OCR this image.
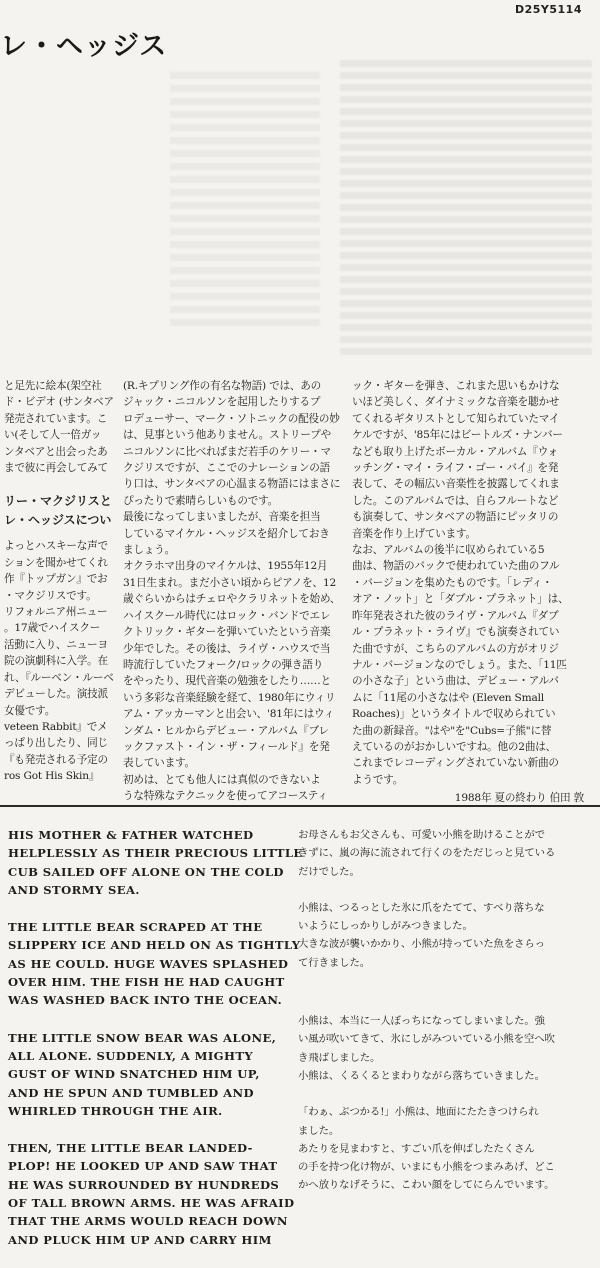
D25Y5114
レ・ヘッジス

と足先に絵本(架空社

ド・ビデオ (サンタベア

発売されています。こ

い(そして人一倍ガッ

ンタベアと出会ったあ

まで彼に再会してみて

リー・マクジリスと

レ・ヘッジスについ

よっとハスキーな声で

ションを聞かせてくれ

作『トップガン』でお

・マクジリスです。

リフォルニア州ニュー

。17歳でハイスクー

活動に入り、ニューヨ

院の演劇科に入学。在

れ、『ルーベン・ルーベ

デビューした。演技派

女優です。

veteen Rabbit』でメ

っぱり出したり、同じ

『も発売される予定の

ros Got His Skin』

(R.キプリング作の有名な物語) では、あの

ジャック・ニコルソンを起用したりするプ

ロデューサー、マーク・ソトニックの配役の妙

は、見事という他ありません。ストリープや

ニコルソンに比べればまだ若手のケリー・マ

クジリスですが、ここでのナレーションの語

り口は、サンタベアの心温まる物語にはまさに

ぴったりで素晴らしいものです。

最後になってしまいましたが、音楽を担当

しているマイケル・ヘッジスを紹介しておき

ましょう。

オクラホマ出身のマイケルは、1955年12月

31日生まれ。まだ小さい頃からピアノを、12

歳ぐらいからはチェロやクラリネットを始め、

ハイスクール時代にはロック・バンドでエレ

クトリック・ギターを弾いていたという音楽

少年でした。その後は、ライヴ・ハウスで当

時流行していたフォーク/ロックの弾き語り

をやったり、現代音楽の勉強をしたり……と

いう多彩な音楽経験を経て、1980年にウィリ

アム・アッカーマンと出会い、'81年にはウィ

ンダム・ヒルからデビュー・アルバム『ブレ

ックファスト・イン・ザ・フィールド』を発

表しています。

初めは、とても他人には真似のできないよ

うな特殊なテクニックを使ってアコースティ

ック・ギターを弾き、これまた思いもかけな

いほど美しく、ダイナミックな音楽を聴かせ

てくれるギタリストとして知られていたマイ

ケルですが、'85年にはビートルズ・ナンバー

なども取り上げたボーカル・アルバム『ウォ

ッチング・マイ・ライフ・ゴー・バイ』を発

表して、その幅広い音楽性を披露してくれま

した。このアルバムでは、自らフルートなど

も演奏して、サンタベアの物語にピッタリの

音楽を作り上げています。

なお、アルバムの後半に収められている5

曲は、物語のバックで使われていた曲のフル

・バージョンを集めたものです。「レディ・

オア・ノット」と「ダブル・プラネット」は、

昨年発表された彼のライヴ・アルバム『ダブ

ル・プラネット・ライヴ』でも演奏されてい

た曲ですが、こちらのアルバムの方がオリジ

ナル・バージョンなのでしょう。また、「11匹

の小さな子」という曲は、デビュー・アルバ

ムに「11尾の小さなはや (Eleven Small

Roaches)」というタイトルで収められてい

た曲の新録音。"はや"を"Cubs=子熊"に替

えているのがおかしいですね。他の2曲は、

これまでレコーディングされていない新曲の

ようです。

1988年 夏の終わり 伯田 敦

HIS MOTHER & FATHER WATCHED

HELPLESSLY AS THEIR PRECIOUS LITTLE

CUB SAILED OFF ALONE ON THE COLD

AND STORMY SEA.

THE LITTLE BEAR SCRAPED AT THE

SLIPPERY ICE AND HELD ON AS TIGHTLY

AS HE COULD. HUGE WAVES SPLASHED

OVER HIM. THE FISH HE HAD CAUGHT

WAS WASHED BACK INTO THE OCEAN.

THE LITTLE SNOW BEAR WAS ALONE,

ALL ALONE. SUDDENLY, A MIGHTY

GUST OF WIND SNATCHED HIM UP,

AND HE SPUN AND TUMBLED AND

WHIRLED THROUGH THE AIR.

THEN, THE LITTLE BEAR LANDED-

PLOP! HE LOOKED UP AND SAW THAT

HE WAS SURROUNDED BY HUNDREDS

OF TALL BROWN ARMS. HE WAS AFRAID

THAT THE ARMS WOULD REACH DOWN

AND PLUCK HIM UP AND CARRY HIM

お母さんもお父さんも、可愛い小熊を助けることがで

きずに、嵐の海に流されて行くのをただじっと見ている

だけでした。

小熊は、つるっとした氷に爪をたてて、すべり落ちな

いようにしっかりしがみつきました。

大きな波が襲いかかり、小熊が持っていた魚をさらっ

て行きました。

小熊は、本当に一人ぼっちになってしまいました。強

い風が吹いてきて、氷にしがみついている小熊を空へ吹

き飛ばしました。

小熊は、くるくるとまわりながら落ちていきました。

「わぁ、ぶつかる!」小熊は、地面にたたきつけられ

ました。

あたりを見まわすと、すごい爪を伸ばしたたくさん

の手を持つ化け物が、いまにも小熊をつまみあげ、どこ

かへ放りなげそうに、こわい顔をしてにらんでいます。
